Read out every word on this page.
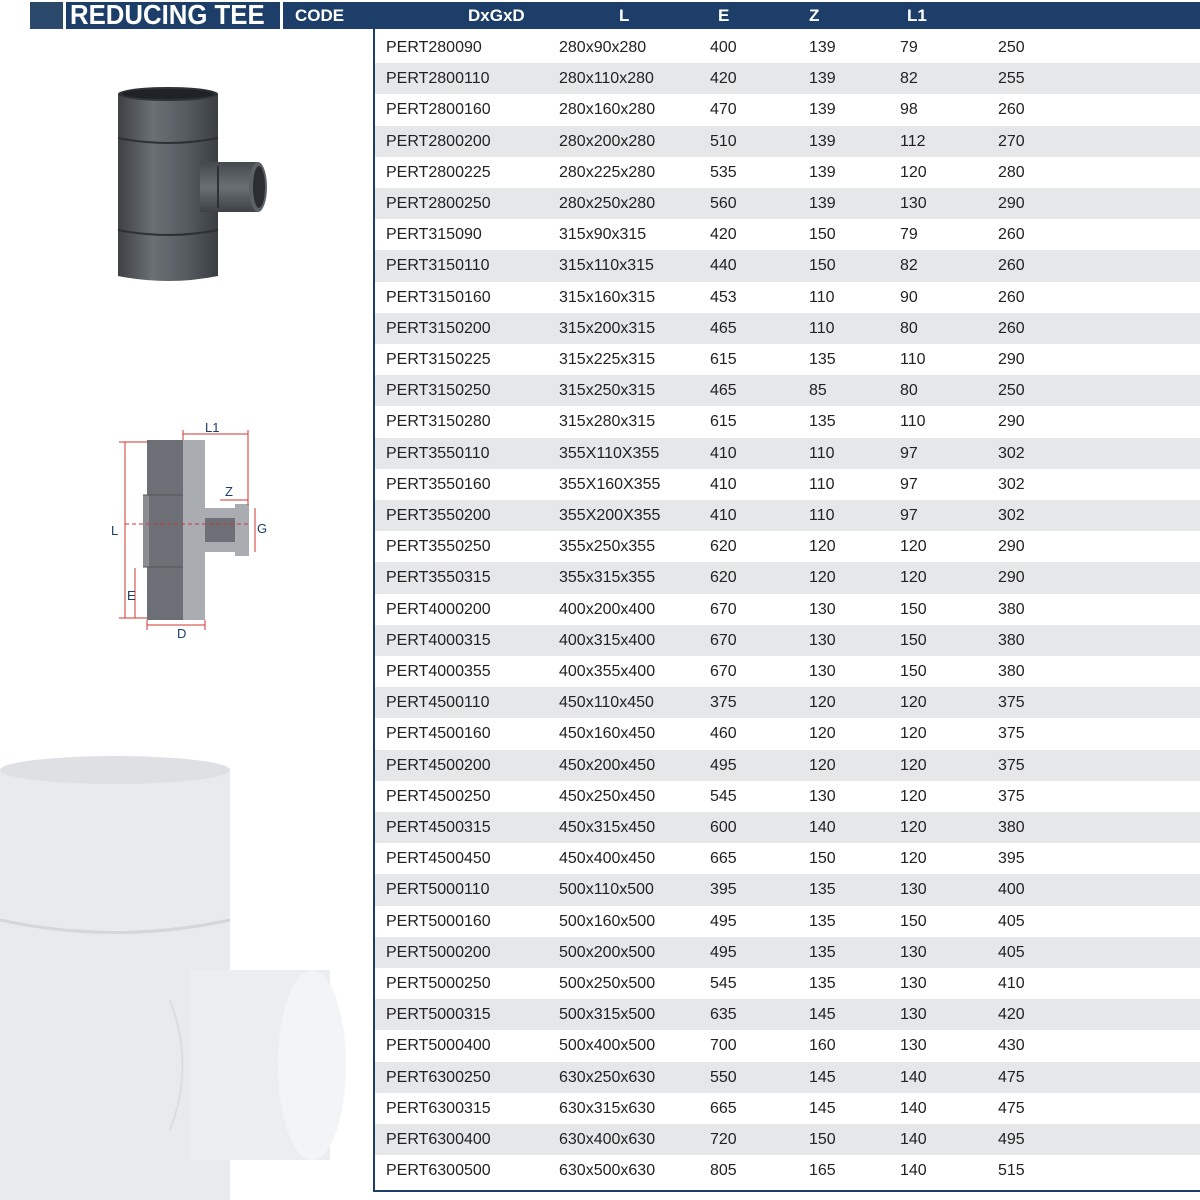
REDUCING TEE CODE	DxGxD	L	E	Z	L1
PERT280090	280x90x280	400	139	79	250
PERT2800110	280x110x280	420	139	82	255
PERT2800160	280x160x280	470	139	98	260
PERT2800200	280x200x280	510	139	112	270
PERT2800225	280x225x280	535	139	120	280
PERT2800250	280x250x280	560	139	130	290
PERT315090	315x90x315	420	150	79	260
PERT3150110	315x110x315	440	150	82	260
PERT3150160	315x160x315	453	110	90	260
PERT3150200	315x200x315	465	110	80	260
PERT3150225	315x225x315	615	135	110	290
PERT3150250	315x250x315	465	85	80	250
PERT3150280	315x280x315	615	135	110	290
PERT3550110	355X110X355	410	110	97	302
PERT3550160	355X160X355	410	110	97	302
PERT3550200	355X200X355	410	110	97	302
PERT3550250	355x250x355	620	120	120	290
PERT3550315	355x315x355	620	120	120	290
PERT4000200	400x200x400	670	130	150	380
PERT4000315	400x315x400	670	130	150	380
PERT4000355	400x355x400	670	130	150	380
PERT4500110	450x110x450	375	120	120	375
PERT4500160	450x160x450	460	120	120	375
PERT4500200	450x200x450	495	120	120	375
PERT4500250	450x250x450	545	130	120	375
PERT4500315	450x315x450	600	140	120	380
PERT4500450	450x400x450	665	150	120	395
PERT5000110	500x110x500	395	135	130	400
PERT5000160	500x160x500	495	135	150	405
PERT5000200	500x200x500	495	135	130	405
PERT5000250	500x250x500	545	135	130	410
PERT5000315	500x315x500	635	145	130	420
PERT5000400	500x400x500	700	160	130	430
PERT6300250	630x250x630	550	145	140	475
PERT6300315	630x315x630	665	145	140	475
PERT6300400	630x400x630	720	150	140	495
PERT6300500	630x500x630	805	165	140	515
L1
L
Z
G
E
D
